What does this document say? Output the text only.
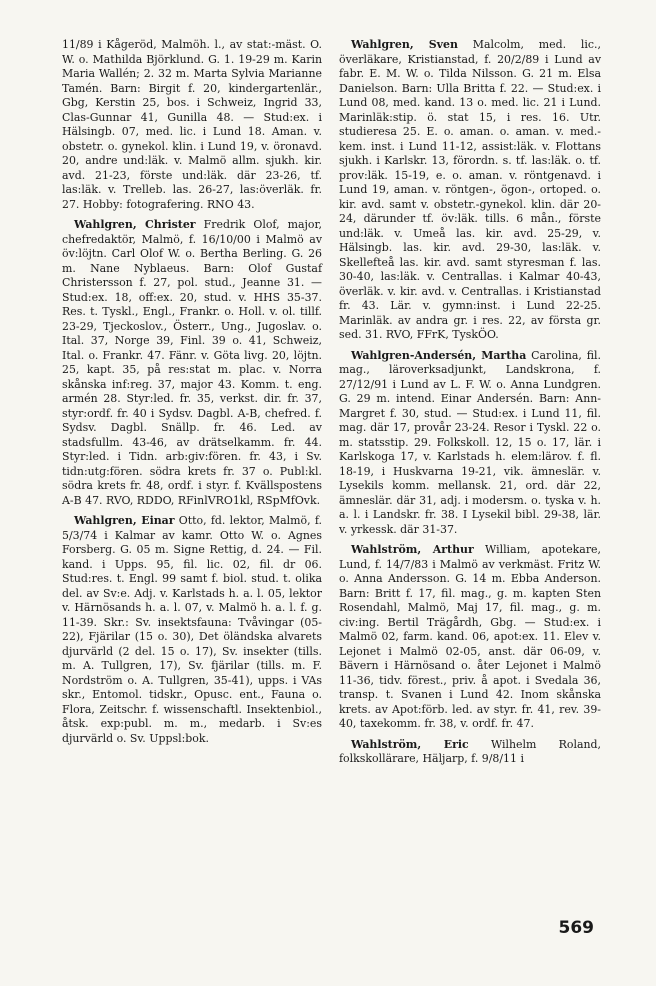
11/89 i Kågeröd, Malmöh. l., av stat:-mäst. O. W. o. Mathilda Björklund. G. 1. 19-29 m. Karin Maria Wallén; 2. 32 m. Marta Sylvia Marianne Tamén. Barn: Birgit f. 20, kindergartenlär., Gbg, Kerstin 25, bos. i Schweiz, Ingrid 33, Clas-Gunnar 41, Gunilla 48. — Stud:ex. i Hälsingb. 07, med. lic. i Lund 18. Aman. v. obstetr. o. gynekol. klin. i Lund 19, v. öronavd. 20, andre und:läk. v. Malmö allm. sjukh. kir. avd. 21-23, förste und:läk. där 23-26, tf. las:läk. v. Trelleb. las. 26-27, las:överläk. fr. 27. Hobby: fotografering. RNO 43.

Wahlgren, Christer Fredrik Olof, major, chefredaktör, Malmö, f. 16/10/00 i Malmö av öv:löjtn. Carl Olof W. o. Bertha Berling. G. 26 m. Nane Nyblaeus. Barn: Olof Gustaf Christersson f. 27, pol. stud., Jeanne 31. — Stud:ex. 18, off:ex. 20, stud. v. HHS 35-37. Res. t. Tyskl., Engl., Frankr. o. Holl. v. ol. tillf. 23-29, Tjeckoslov., Österr., Ung., Jugoslav. o. Ital. 37, Norge 39, Finl. 39 o. 41, Schweiz, Ital. o. Frankr. 47. Fänr. v. Göta livg. 20, löjtn. 25, kapt. 35, på res:stat m. plac. v. Norra skånska inf:reg. 37, major 43. Komm. t. eng. armén 28. Styr:led. fr. 35, verkst. dir. fr. 37, styr:ordf. fr. 40 i Sydsv. Dagbl. A-B, chefred. f. Sydsv. Dagbl. Snällp. fr. 46. Led. av stadsfullm. 43-46, av drätselkamm. fr. 44. Styr:led. i Tidn. arb:giv:fören. fr. 43, i Sv. tidn:utg:fören. södra krets fr. 37 o. Publ:kl. södra krets fr. 48, ordf. i styr. f. Kvällspostens A-B 47. RVO, RDDO, RFinlVRO1kl, RSpMfOvk.

Wahlgren, Einar Otto, fd. lektor, Malmö, f. 5/3/74 i Kalmar av kamr. Otto W. o. Agnes Forsberg. G. 05 m. Signe Rettig, d. 24. — Fil. kand. i Upps. 95, fil. lic. 02, fil. dr 06. Stud:res. t. Engl. 99 samt f. biol. stud. t. olika del. av Sv:e. Adj. v. Karlstads h. a. l. 05, lektor v. Härnösands h. a. l. 07, v. Malmö h. a. l. f. g. 11-39. Skr.: Sv. insektsfauna: Tvåvingar (05-22), Fjärilar (15 o. 30), Det öländska alvarets djurvärld (2 del. 15 o. 17), Sv. insekter (tills. m. A. Tullgren, 17), Sv. fjärilar (tills. m. F. Nordström o. A. Tullgren, 35-41), upps. i VAs skr., Entomol. tidskr., Opusc. ent., Fauna o. Flora, Zeitschr. f. wissenschaftl. Insektenbiol., åtsk. exp:publ. m. m., medarb. i Sv:es djurvärld o. Sv. Uppsl:bok.

Wahlgren, Sven Malcolm, med. lic., överläkare, Kristianstad, f. 20/2/89 i Lund av fabr. E. M. W. o. Tilda Nilsson. G. 21 m. Elsa Danielson. Barn: Ulla Britta f. 22. — Stud:ex. i Lund 08, med. kand. 13 o. med. lic. 21 i Lund. Marinläk:stip. ö. stat 15, i res. 16. Utr. studieresa 25. E. o. aman. o. aman. v. med.-kem. inst. i Lund 11-12, assist:läk. v. Flottans sjukh. i Karlskr. 13, förordn. s. tf. las:läk. o. tf. prov:läk. 15-19, e. o. aman. v. röntgenavd. i Lund 19, aman. v. röntgen-, ögon-, ortoped. o. kir. avd. samt v. obstetr.-gynekol. klin. där 20-24, därunder tf. öv:läk. tills. 6 mån., förste und:läk. v. Umeå las. kir. avd. 25-29, v. Hälsingb. las. kir. avd. 29-30, las:läk. v. Skellefteå las. kir. avd. samt styresman f. las. 30-40, las:läk. v. Centrallas. i Kalmar 40-43, överläk. v. kir. avd. v. Centrallas. i Kristianstad fr. 43. Lär. v. gymn:inst. i Lund 22-25. Marinläk. av andra gr. i res. 22, av första gr. sed. 31. RVO, FFrK, TyskÖO.

Wahlgren-Andersén, Martha Carolina, fil. mag., läroverksadjunkt, Landskrona, f. 27/12/91 i Lund av L. F. W. o. Anna Lundgren. G. 29 m. intend. Einar Andersén. Barn: Ann-Margret f. 30, stud. — Stud:ex. i Lund 11, fil. mag. där 17, provår 23-24. Resor i Tyskl. 22 o. m. statsstip. 29. Folkskoll. 12, 15 o. 17, lär. i Karlskoga 17, v. Karlstads h. elem:lärov. f. fl. 18-19, i Huskvarna 19-21, vik. ämneslär. v. Lysekils komm. mellansk. 21, ord. där 22, ämneslär. där 31, adj. i modersm. o. tyska v. h. a. l. i Landskr. fr. 38. I Lysekil bibl. 29-38, lär. v. yrkessk. där 31-37.

Wahlström, Arthur William, apotekare, Lund, f. 14/7/83 i Malmö av verkmäst. Fritz W. o. Anna Andersson. G. 14 m. Ebba Anderson. Barn: Britt f. 17, fil. mag., g. m. kapten Sten Rosendahl, Malmö, Maj 17, fil. mag., g. m. civ:ing. Bertil Trägårdh, Gbg. — Stud:ex. i Malmö 02, farm. kand. 06, apot:ex. 11. Elev v. Lejonet i Malmö 02-05, anst. där 06-09, v. Bävern i Härnösand o. åter Lejonet i Malmö 11-36, tidv. förest., priv. å apot. i Svedala 36, transp. t. Svanen i Lund 42. Inom skånska krets. av Apot:förb. led. av styr. fr. 41, rev. 39-40, taxekomm. fr. 38, v. ordf. fr. 47.

Wahlström, Eric Wilhelm Roland, folkskollärare, Häljarp, f. 9/8/11 i

569
